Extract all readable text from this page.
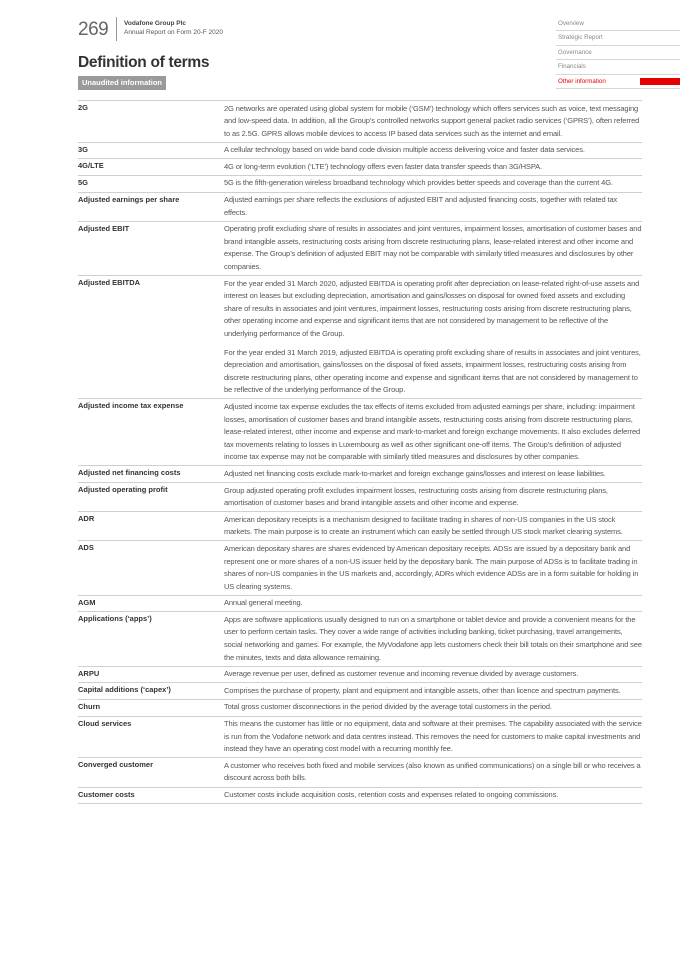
269 Vodafone Group Plc
Annual Report on Form 20-F 2020
Overview
Strategic Report
Governance
Financials
Other information
Definition of terms
Unaudited information
2G	2G networks are operated using global system for mobile (‘GSM’) technology which offers services such as voice, text messaging and low-speed data. In addition, all the Group’s controlled networks support general packet radio services (‘GPRS’), often referred to as 2.5G. GPRS allows mobile devices to access IP based data services such as the internet and email.

3G	A cellular technology based on wide band code division multiple access delivering voice and faster data services.

4G/LTE	4G or long-term evolution (‘LTE’) technology offers even faster data transfer speeds than 3G/HSPA.

5G	5G is the fifth-generation wireless broadband technology which provides better speeds and coverage than the current 4G.

Adjusted earnings per share	Adjusted earnings per share reflects the exclusions of adjusted EBIT and adjusted financing costs, together with related tax effects.

Adjusted EBIT	Operating profit excluding share of results in associates and joint ventures, impairment losses, amortisation of customer bases and brand intangible assets, restructuring costs arising from discrete restructuring plans, lease-related interest and other income and expense. The Group’s definition of adjusted EBIT may not be comparable with similarly titled measures and disclosures by other companies.

Adjusted EBITDA	For the year ended 31 March 2020, adjusted EBITDA is operating profit after depreciation on lease-related right-of-use assets and interest on leases but excluding depreciation, amortisation and gains/losses on disposal for owned fixed assets and excluding share of results in associates and joint ventures, impairment losses, restructuring costs arising from discrete restructuring plans, other operating income and expense and significant items that are not considered by management to be reflective of the underlying performance of the Group.

For the year ended 31 March 2019, adjusted EBITDA is operating profit excluding share of results in associates and joint ventures, depreciation and amortisation, gains/losses on the disposal of fixed assets, impairment losses, restructuring costs arising from discrete restructuring plans, other operating income and expense and significant items that are not considered by management to be reflective of the underlying performance of the Group.

Adjusted income tax expense	Adjusted income tax expense excludes the tax effects of items excluded from adjusted earnings per share, including: impairment losses, amortisation of customer bases and brand intangible assets, restructuring costs arising from discrete restructuring plans, lease-related interest, other income and expense and mark-to-market and foreign exchange movements. It also excludes deferred tax movements relating to losses in Luxembourg as well as other significant one-off items. The Group’s definition of adjusted income tax expense may not be comparable with similarly titled measures and disclosures by other companies.

Adjusted net financing costs	Adjusted net financing costs exclude mark-to-market and foreign exchange gains/losses and interest on lease liabilities.

Adjusted operating profit	Group adjusted operating profit excludes impairment losses, restructuring costs arising from discrete restructuring plans, amortisation of customer bases and brand intangible assets and other income and expense.

ADR	American depositary receipts is a mechanism designed to facilitate trading in shares of non-US companies in the US stock markets. The main purpose is to create an instrument which can easily be settled through US stock market clearing systems.

ADS	American depositary shares are shares evidenced by American depositary receipts. ADSs are issued by a depositary bank and represent one or more shares of a non-US issuer held by the depositary bank. The main purpose of ADSs is to facilitate trading in shares of non-US companies in the US markets and, accordingly, ADRs which evidence ADSs are in a form suitable for holding in US clearing systems.

AGM	Annual general meeting.

Applications (‘apps’)	Apps are software applications usually designed to run on a smartphone or tablet device and provide a convenient means for the user to perform certain tasks. They cover a wide range of activities including banking, ticket purchasing, travel arrangements, social networking and games. For example, the MyVodafone app lets customers check their bill totals on their smartphone and see the minutes, texts and data allowance remaining.

ARPU	Average revenue per user, defined as customer revenue and incoming revenue divided by average customers.

Capital additions (‘capex’)	Comprises the purchase of property, plant and equipment and intangible assets, other than licence and spectrum payments.

Churn	Total gross customer disconnections in the period divided by the average total customers in the period.

Cloud services	This means the customer has little or no equipment, data and software at their premises. The capability associated with the service is run from the Vodafone network and data centres instead. This removes the need for customers to make capital investments and instead they have an operating cost model with a recurring monthly fee.

Converged customer	A customer who receives both fixed and mobile services (also known as unified communications) on a single bill or who receives a discount across both bills.

Customer costs	Customer costs include acquisition costs, retention costs and expenses related to ongoing commissions.
